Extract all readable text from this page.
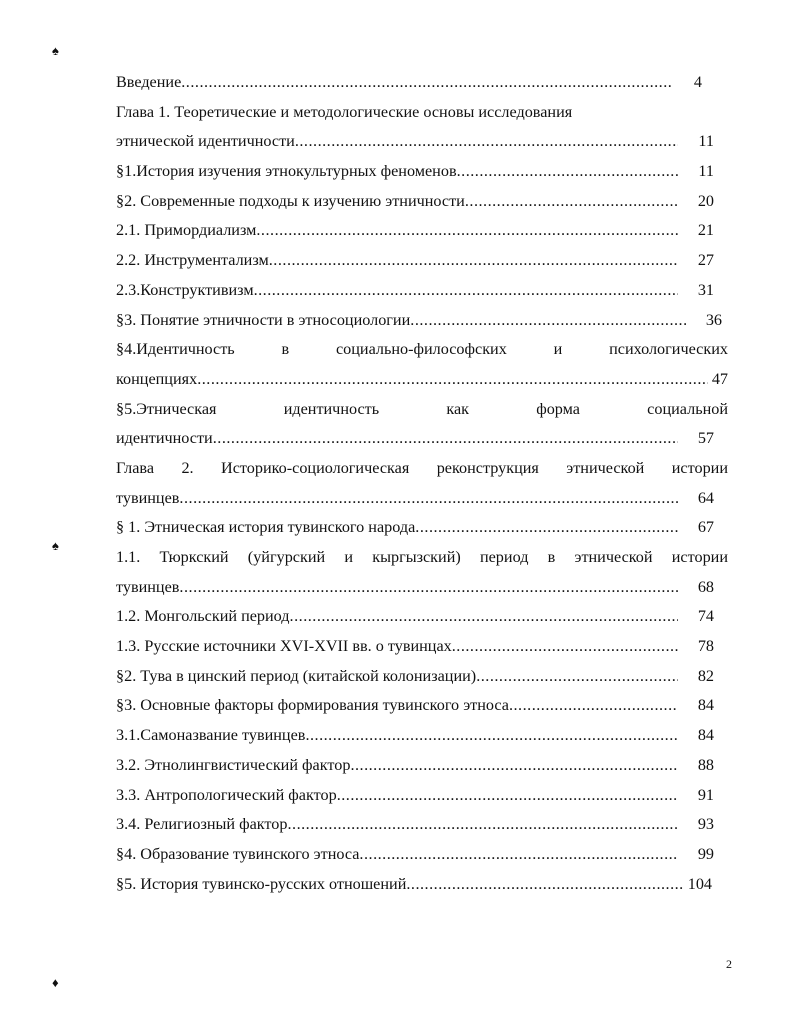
♠
♠
♦
Введение .....	4
Глава 1. Теоретические и методологические основы исследования
этнической идентичности .....	11
§1.История изучения этнокультурных феноменов .....	11
§2. Современные подходы к изучению этничности .....	20
2.1. Примордиализм .....	21
2.2. Инструментализм .....	27
2.3.Конструктивизм .....	31
§3. Понятие этничности в этносоциологии .....	36
§4.Идентичность в социально-философских и психологических
концепциях .....	47
§5.Этническая идентичность как форма социальной
идентичности .....	57
Глава 2. Историко-социологическая реконструкция этнической истории
тувинцев .....	64
§ 1. Этническая история тувинского народа .....	67
1.1. Тюркский (уйгурский и кыргызский) период в этнической истории
тувинцев .....	68
1.2. Монгольский период .....	74
1.3. Русские источники XVI-XVII вв. о тувинцах .....	78
§2. Тува в цинский период (китайской колонизации) .....	82
§3. Основные факторы формирования тувинского этноса .....	84
3.1.Самоназвание тувинцев .....	84
3.2. Этнолингвистический фактор .....	88
3.3. Антропологический фактор .....	91
3.4. Религиозный фактор .....	93
§4. Образование тувинского этноса .....	99
§5. История тувинско-русских отношений .....	104
2
